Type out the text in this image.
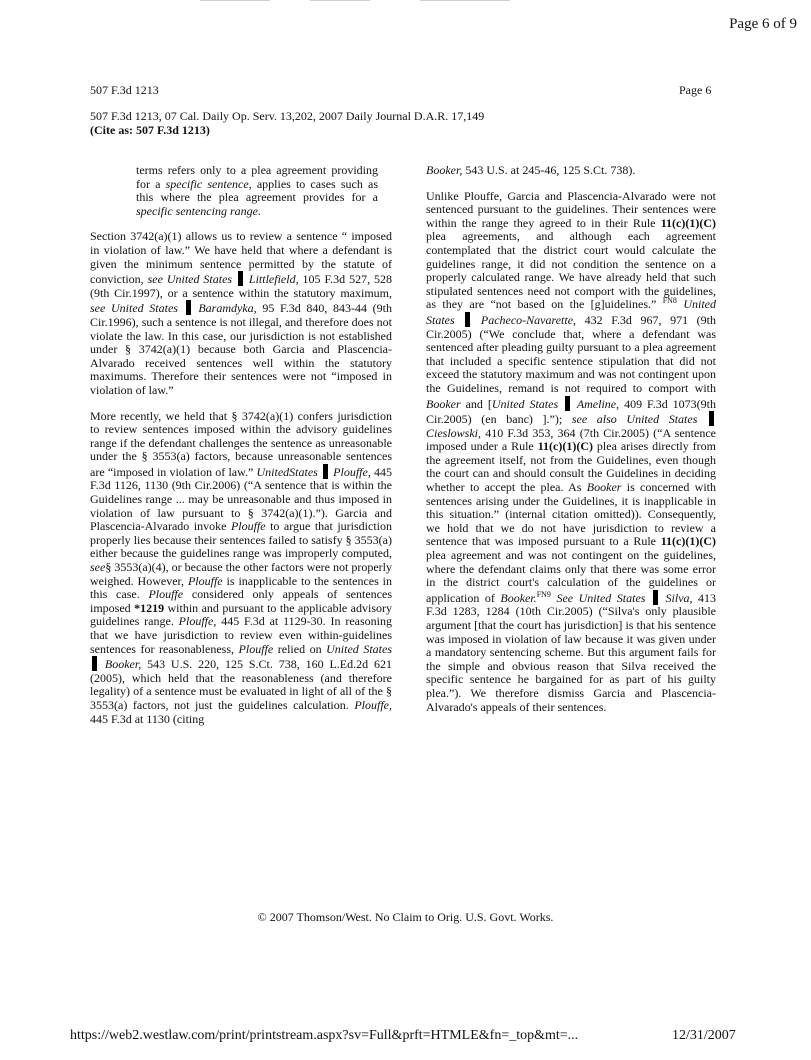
Page 6 of 9
507 F.3d 1213	Page 6
507 F.3d 1213, 07 Cal. Daily Op. Serv. 13,202, 2007 Daily Journal D.A.R. 17,149
(Cite as: 507 F.3d 1213)

terms refers only to a plea agreement providing for a specific sentence, applies to cases such as this where the plea agreement provides for a specific sentencing range.

Section 3742(a)(1) allows us to review a sentence “ imposed in violation of law.” We have held that where a defendant is given the minimum sentence permitted by the statute of conviction, see United States Littlefield, 105 F.3d 527, 528 (9th Cir.1997), or a sentence within the statutory maximum, see United States Baramdyka, 95 F.3d 840, 843-44 (9th Cir.1996), such a sentence is not illegal, and therefore does not violate the law. In this case, our jurisdiction is not established under § 3742(a)(1) because both Garcia and Plascencia-Alvarado received sentences well within the statutory maximums. Therefore their sentences were not “imposed in violation of law.”

More recently, we held that § 3742(a)(1) confers jurisdiction to review sentences imposed within the advisory guidelines range if the defendant challenges the sentence as unreasonable under the § 3553(a) factors, because unreasonable sentences are “imposed in violation of law.” UnitedStates Plouffe, 445 F.3d 1126, 1130 (9th Cir.2006) (“A sentence that is within the Guidelines range ... may be unreasonable and thus imposed in violation of law pursuant to § 3742(a)(1).”). Garcia and Plascencia-Alvarado invoke Plouffe to argue that jurisdiction properly lies because their sentences failed to satisfy § 3553(a) either because the guidelines range was improperly computed, see§ 3553(a)(4), or because the other factors were not properly weighed. However, Plouffe is inapplicable to the sentences in this case. Plouffe considered only appeals of sentences imposed *1219 within and pursuant to the applicable advisory guidelines range. Plouffe, 445 F.3d at 1129-30. In reasoning that we have jurisdiction to review even within-guidelines sentences for reasonableness, Plouffe relied on United States  Booker, 543 U.S. 220, 125 S.Ct. 738, 160 L.Ed.2d 621 (2005), which held that the reasonableness (and therefore legality) of a sentence must be evaluated in light of all of the § 3553(a) factors, not just the guidelines calculation. Plouffe, 445 F.3d at 1130 (citing

Booker, 543 U.S. at 245-46, 125 S.Ct. 738).

Unlike Plouffe, Garcia and Plascencia-Alvarado were not sentenced pursuant to the guidelines. Their sentences were within the range they agreed to in their Rule 11(c)(1)(C) plea agreements, and although each agreement contemplated that the district court would calculate the guidelines range, it did not condition the sentence on a properly calculated range. We have already held that such stipulated sentences need not comport with the guidelines, as they are “not based on the [g]uidelines.” $^{FN8}$ United States Pacheco-Navarette, 432 F.3d 967, 971 (9th Cir.2005) (“We conclude that, where a defendant was sentenced after pleading guilty pursuant to a plea agreement that included a specific sentence stipulation that did not exceed the statutory maximum and was not contingent upon the Guidelines, remand is not required to comport with Booker and [United States Ameline, 409 F.3d 1073(9th Cir.2005) (en banc) ].”); see also United States  Cieslowski, 410 F.3d 353, 364 (7th Cir.2005) (“A sentence imposed under a Rule 11(c)(1)(C) plea arises directly from the agreement itself, not from the Guidelines, even though the court can and should consult the Guidelines in deciding whether to accept the plea. As Booker is concerned with sentences arising under the Guidelines, it is inapplicable in this situation.” (internal citation omitted)). Consequently, we hold that we do not have jurisdiction to review a sentence that was imposed pursuant to a Rule 11(c)(1)(C) plea agreement and was not contingent on the guidelines, where the defendant claims only that there was some error in the district court's calculation of the guidelines or application of Booker.$^{FN9}$ See United States Silva, 413 F.3d 1283, 1284 (10th Cir.2005) (“Silva's only plausible argument [that the court has jurisdiction] is that his sentence was imposed in violation of law because it was given under a mandatory sentencing scheme. But this argument fails for the simple and obvious reason that Silva received the specific sentence he bargained for as part of his guilty plea.”). We therefore dismiss Garcia and Plascencia-Alvarado's appeals of their sentences.

© 2007 Thomson/West. No Claim to Orig. U.S. Govt. Works.
https://web2.westlaw.com/print/printstream.aspx?sv=Full&prft=HTMLE&fn=_top&mt=...	12/31/2007
